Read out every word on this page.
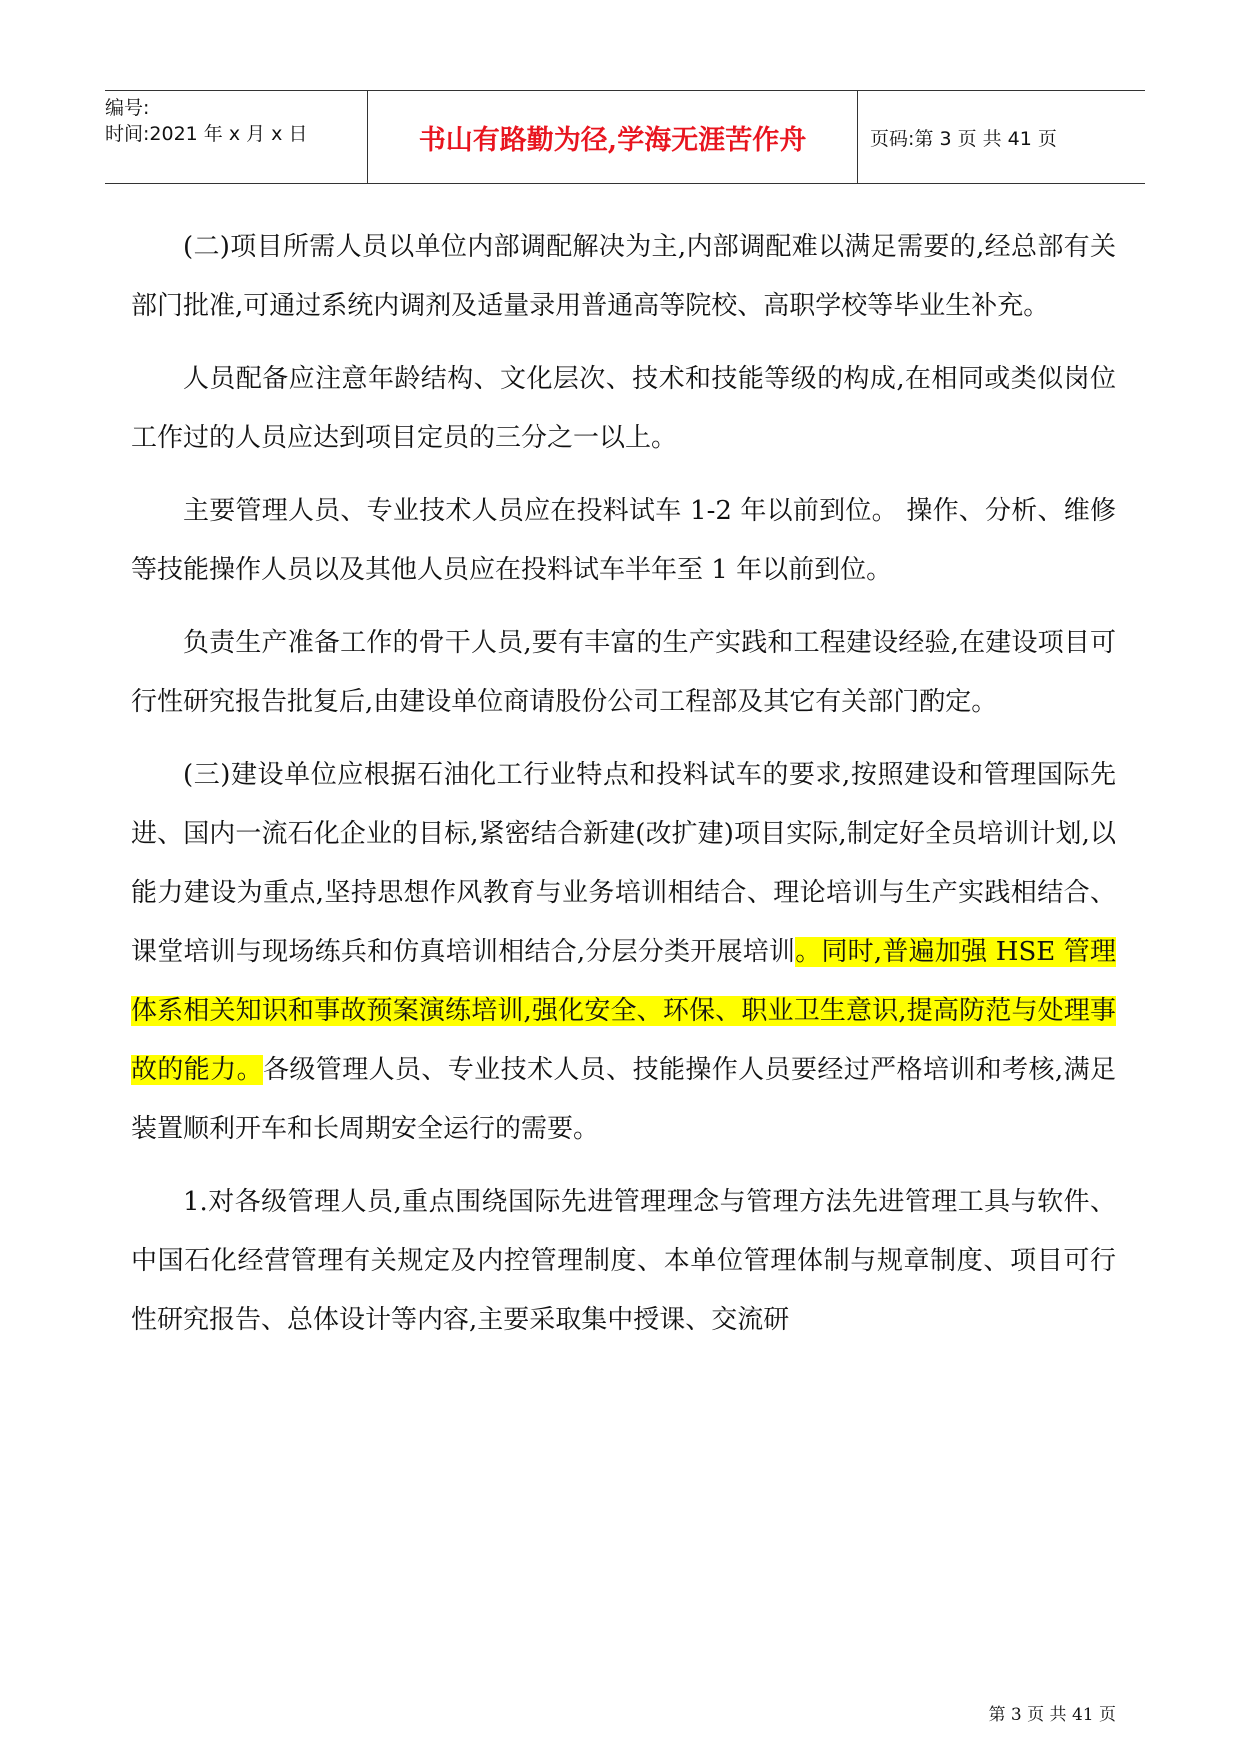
编号:
时间:2021 年 x 月 x 日	书山有路勤为径,学海无涯苦作舟	页码:第 3 页 共 41 页

(二)项目所需人员以单位内部调配解决为主,内部调配难以满足需要的,经总部有关部门批准,可通过系统内调剂及适量录用普通高等院校、高职学校等毕业生补充。

人员配备应注意年龄结构、文化层次、技术和技能等级的构成,在相同或类似岗位工作过的人员应达到项目定员的三分之一以上。

主要管理人员、专业技术人员应在投料试车 1-2 年以前到位。 操作、分析、维修等技能操作人员以及其他人员应在投料试车半年至 1 年以前到位。

负责生产准备工作的骨干人员,要有丰富的生产实践和工程建设经验,在建设项目可行性研究报告批复后,由建设单位商请股份公司工程部及其它有关部门酌定。

(三)建设单位应根据石油化工行业特点和投料试车的要求,按照建设和管理国际先进、国内一流石化企业的目标,紧密结合新建(改扩建)项目实际,制定好全员培训计划,以能力建设为重点,坚持思想作风教育与业务培训相结合、理论培训与生产实践相结合、课堂培训与现场练兵和仿真培训相结合,分层分类开展培训。同时,普遍加强 HSE 管理体系相关知识和事故预案演练培训,强化安全、环保、职业卫生意识,提高防范与处理事故的能力。各级管理人员、专业技术人员、技能操作人员要经过严格培训和考核,满足装置顺利开车和长周期安全运行的需要。

1.对各级管理人员,重点围绕国际先进管理理念与管理方法先进管理工具与软件、中国石化经营管理有关规定及内控管理制度、本单位管理体制与规章制度、项目可行性研究报告、总体设计等内容,主要采取集中授课、交流研

第 3 页 共 41 页
